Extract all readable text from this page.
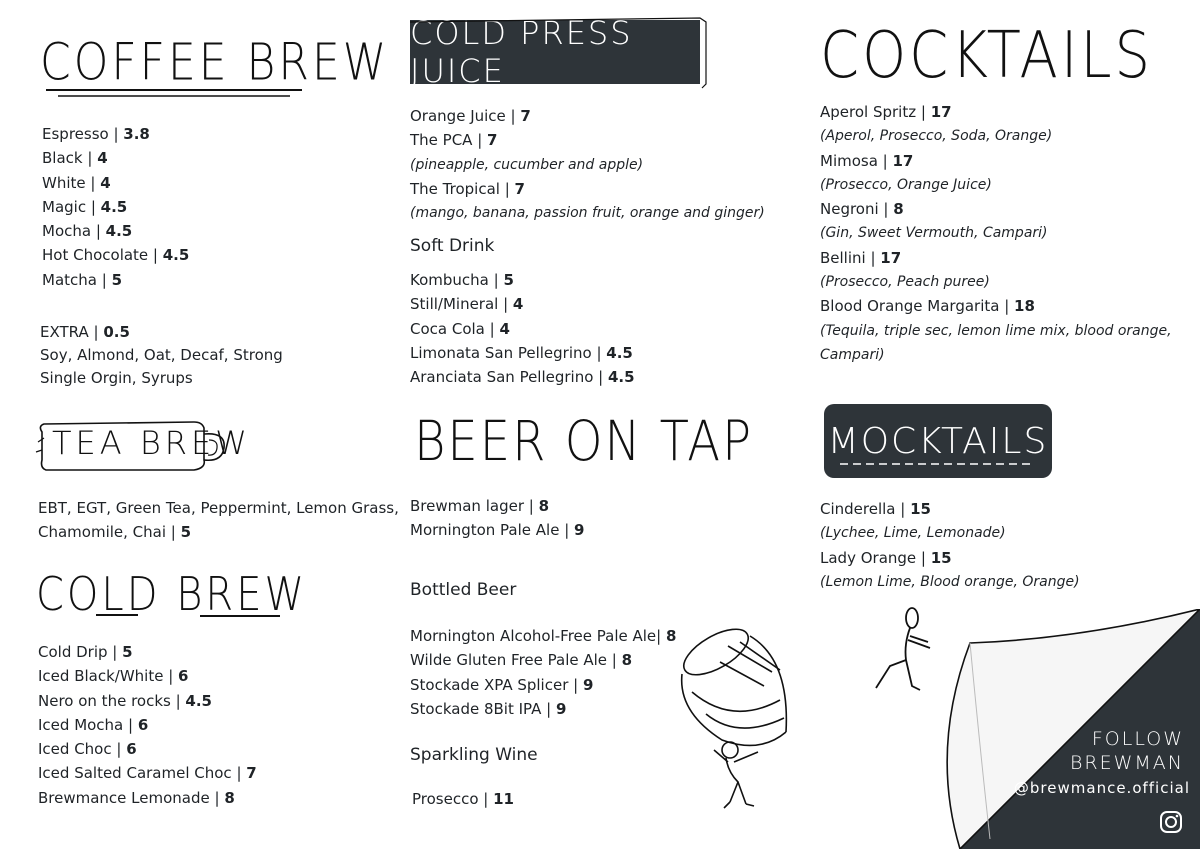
COFFEE BREW
Espresso | 3.8
Black | 4
White | 4
Magic | 4.5
Mocha | 4.5
Hot Chocolate | 4.5
Matcha | 5
EXTRA | 0.5
Soy, Almond, Oat, Decaf, Strong
Single Orgin, Syrups
TEA BREW
EBT, EGT, Green Tea, Peppermint, Lemon Grass,
Chamomile, Chai | 5
COLD BREW
Cold Drip | 5
Iced Black/White | 6
Nero on the rocks | 4.5
Iced Mocha | 6
Iced Choc | 6
Iced Salted Caramel Choc | 7
Brewmance Lemonade | 8
COLD PRESS JUICE
Orange Juice | 7
The PCA | 7
(pineapple, cucumber and apple)
The Tropical | 7
(mango, banana, passion fruit, orange and ginger)
Soft Drink
Kombucha | 5
Still/Mineral | 4
Coca Cola | 4
Limonata San Pellegrino | 4.5
Aranciata San Pellegrino | 4.5
BEER ON TAP
Brewman lager | 8
Mornington Pale Ale | 9
Bottled Beer
Mornington Alcohol-Free Pale Ale| 8
Wilde Gluten Free Pale Ale | 8
Stockade XPA Splicer | 9
Stockade 8Bit IPA | 9
Sparkling Wine
Prosecco | 11
COCKTAILS
Aperol Spritz | 17
(Aperol, Prosecco, Soda, Orange)
Mimosa | 17
(Prosecco, Orange Juice)
Negroni | 8
(Gin, Sweet Vermouth, Campari)
Bellini | 17
(Prosecco, Peach puree)
Blood Orange Margarita | 18
(Tequila, triple sec, lemon lime mix, blood orange,
Campari)
MOCKTAILS
Cinderella | 15
(Lychee, Lime, Lemonade)
Lady Orange | 15
(Lemon Lime, Blood orange, Orange)
FOLLOW
BREWMAN
@brewmance.official
